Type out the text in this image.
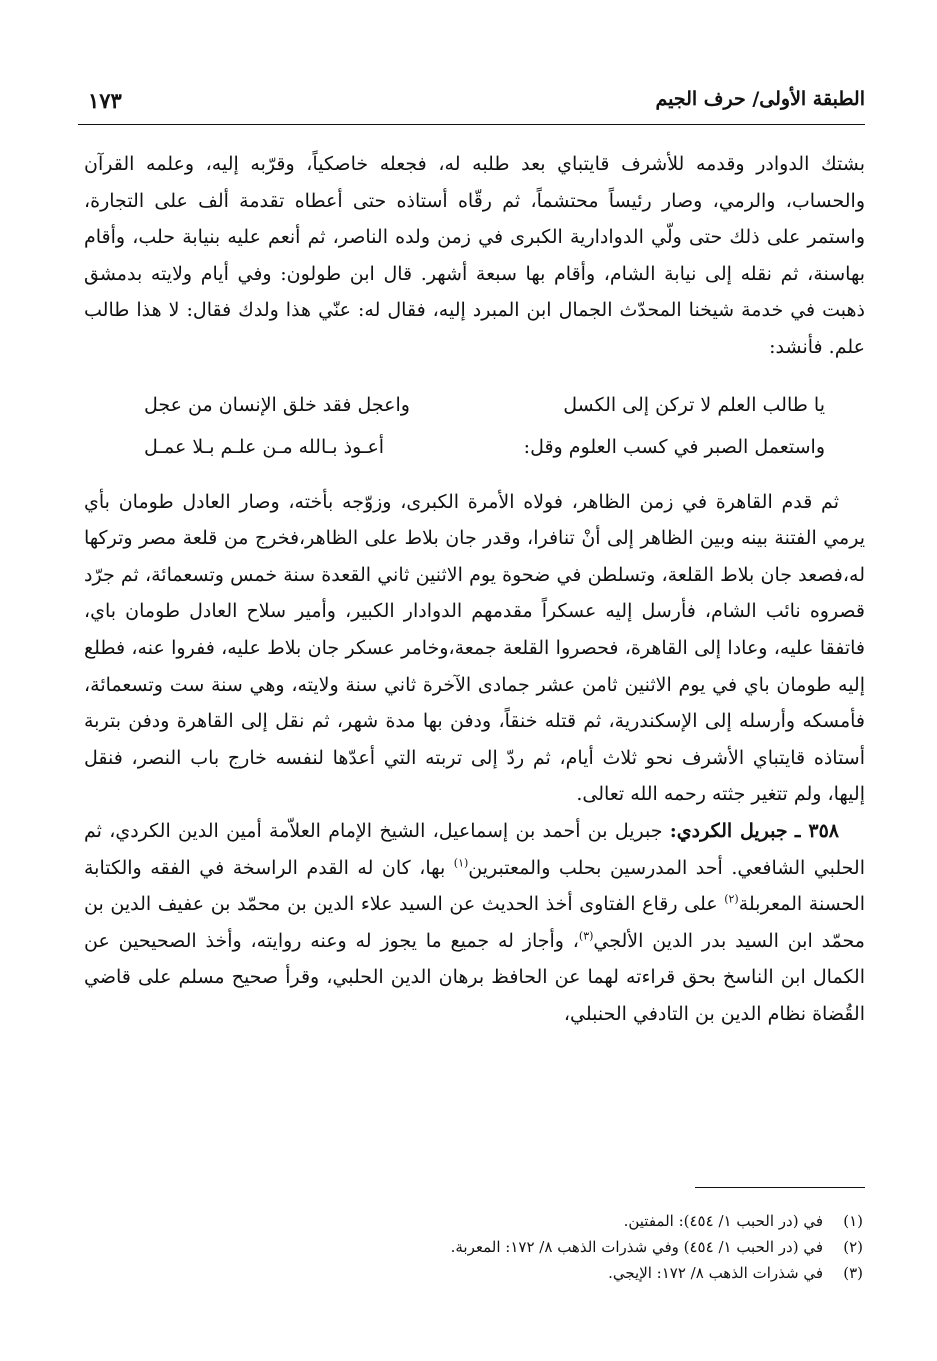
الطبقة الأولى/ حرف الجيم
١٧٣

بشتك الدوادر وقدمه للأشرف قايتباي بعد طلبه له، فجعله خاصكياً، وقرّبه إليه، وعلمه القرآن والحساب، والرمي، وصار رئيساً محتشماً، ثم رقّاه أستاذه حتى أعطاه تقدمة ألف على التجارة، واستمر على ذلك حتى ولّي الدوادارية الكبرى في زمن ولده الناصر، ثم أنعم عليه بنيابة حلب، وأقام بهاسنة، ثم نقله إلى نيابة الشام، وأقام بها سبعة أشهر. قال ابن طولون: وفي أيام ولايته بدمشق ذهبت في خدمة شيخنا المحدّث الجمال ابن المبرد إليه، فقال له: عنّي هذا ولدك فقال: لا هذا طالب علم. فأنشد:

يا طالب العلم لا تركن إلى الكسل
واعجل فقد خلق الإنسان من عجل
واستعمل الصبر في كسب العلوم وقل:
أعـوذ بـالله مـن علـم بـلا عمـل

ثم قدم القاهرة في زمن الظاهر، فولاه الأمرة الكبرى، وزوّجه بأخته، وصار العادل طومان بأي يرمي الفتنة بينه وبين الظاهر إلى أنْ تنافرا، وقدر جان بلاط على الظاهر،فخرج من قلعة مصر وتركها له،فصعد جان بلاط القلعة، وتسلطن في ضحوة يوم الاثنين ثاني القعدة سنة خمس وتسعمائة، ثم جرّد قصروه نائب الشام، فأرسل إليه عسكراً مقدمهم الدوادار الكبير، وأمير سلاح العادل طومان باي، فاتفقا عليه، وعادا إلى القاهرة، فحصروا القلعة جمعة،وخامر عسكر جان بلاط عليه، ففروا عنه، فطلع إليه طومان باي في يوم الاثنين ثامن عشر جمادى الآخرة ثاني سنة ولايته، وهي سنة ست وتسعمائة، فأمسكه وأرسله إلى الإسكندرية، ثم قتله خنقاً، ودفن بها مدة شهر، ثم نقل إلى القاهرة ودفن بتربة أستاذه قايتباي الأشرف نحو ثلاث أيام، ثم ردّ إلى تربته التي أعدّها لنفسه خارج باب النصر، فنقل إليها، ولم تتغير جثته رحمه الله تعالى.

٣٥٨ ـ جبريل الكردي: جبريل بن أحمد بن إسماعيل، الشيخ الإمام العلاّمة أمين الدين الكردي، ثم الحلبي الشافعي. أحد المدرسين بحلب والمعتبرين$^{(١)}$ بها، كان له القدم الراسخة في الفقه والكتابة الحسنة المعربلة$^{(٢)}$ على رقاع الفتاوى أخذ الحديث عن السيد علاء الدين بن محمّد بن عفيف الدين بن محمّد ابن السيد بدر الدين الألجي$^{(٣)}$، وأجاز له جميع ما يجوز له وعنه روايته، وأخذ الصحيحين عن الكمال ابن الناسخ بحق قراءته لهما عن الحافظ برهان الدين الحلبي، وقرأ صحيح مسلم على قاضي القُضاة نظام الدين بن التادفي الحنبلي،

(١)
في (در الحبب ١/ ٤٥٤): المفتين.
(٢)
في (در الحبب ١/ ٤٥٤) وفي شذرات الذهب ٨/ ١٧٢: المعربة.
(٣)
في شذرات الذهب ٨/ ١٧٢: الإيجي.
